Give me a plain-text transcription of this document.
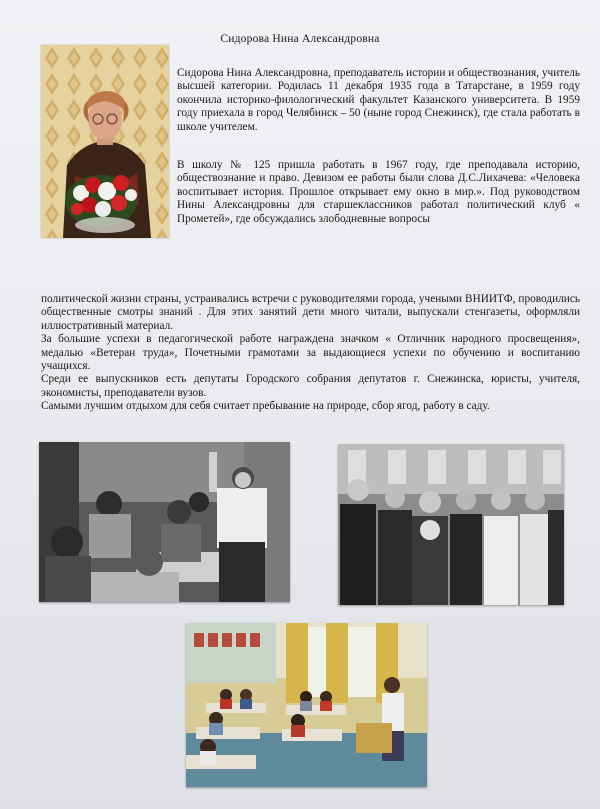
Сидорова Нина Александровна

Сидорова Нина Александровна, преподаватель истории и обществознания, учитель высшей категории. Родилась 11 декабря 1935 года в Татарстане, в 1959 году окончила историко-филологический факультет Казанского университета. В 1959 году приехала в город Челябинск – 50 (ныне город Снежинск), где стала работать в школе учителем.

В школу № 125 пришла работать в 1967 году, где преподавала историю, обществознание и право. Девизом ее работы были слова Д.С.Лихачева: «Человека воспитывает история. Прошлое открывает ему окно в мир.». Под руководством Нины Александровны для старшеклассников работал политический клуб « Прометей», где обсуждались злободневные вопросы

политической жизни страны, устраивались встречи с руководителями города, учеными ВНИИТФ, проводились общественные смотры знаний . Для этих занятий дети много читали, выпускали стенгазеты, оформляли иллюстративный материал.

За большие успехи в педагогической работе награждена значком « Отличник народного просвещения», медалью «Ветеран труда», Почетными грамотами за выдающиеся успехи по обучению и воспитанию учащихся.

Среди ее выпускников есть депутаты Городского собрания депутатов г. Снежинска, юристы, учителя, экономисты, преподаватели вузов.

Самыми лучшим отдыхом для себя считает пребывание на природе, сбор ягод, работу в саду.
